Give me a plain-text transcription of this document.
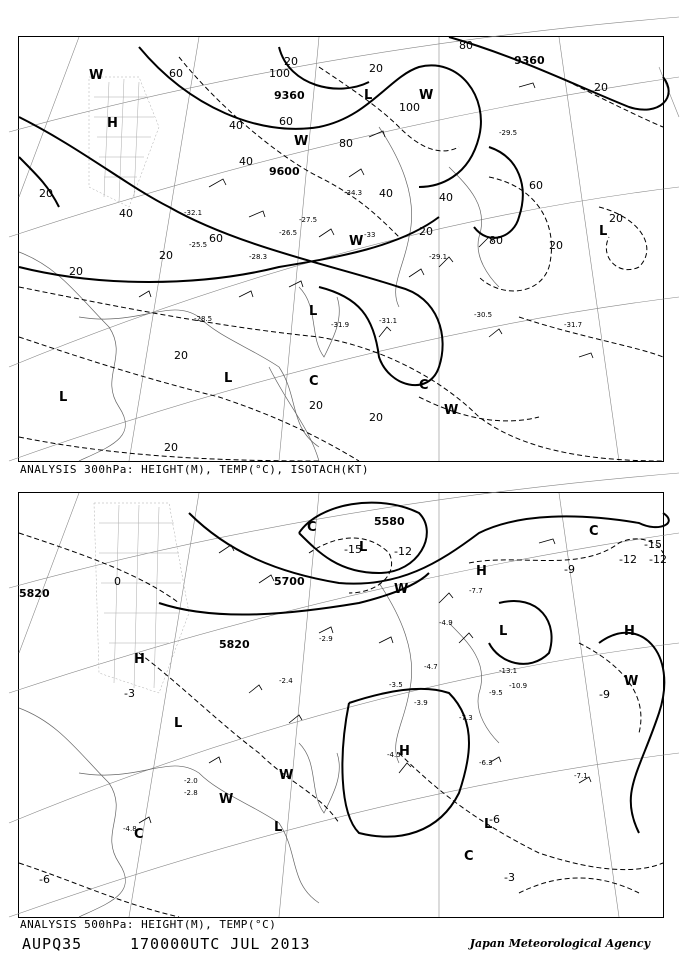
9360
9360
9600
20
20
20
20
20
20
20
20
20
20
40
40
40
40
40
60
60
60
60
80
80
80
100
100
20
20
20
H
L
L
L
L
L	C
C
W
W
W
W
W
-29.5
-30.5
-31.1	-31.7
-31.9
-33
-34.3
-28.5
-25.5
-27.5
-26.5
-29.1
-32.1
-28.3
ANALYSIS 300hPa: HEIGHT(M), TEMP(°C), ISOTACH(KT)
5580
5700
5820
5820
-15
-12
-12
-9
-9
-6
-6
-3
-3
-15
-12
0
H
H
H
H
L
L
L
L
L
C
C	C
C
W
W
W
W
-4.5
-6.3
-7.1
-9.5
-7.3
-10.9
-13.1
-7.7
-4.9
-2.9
-3.9
-4.7
-3.5
-2.4
-2.0
-2.8
-4.8
ANALYSIS 500hPa: HEIGHT(M), TEMP(°C)
AUPQ35	170000UTC JUL 2013	Japan Meteorological Agency
